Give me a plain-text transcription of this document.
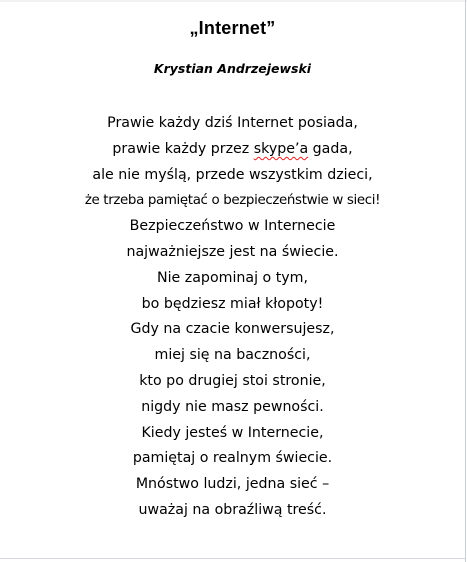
„Internet”
Krystian Andrzejewski
Prawie każdy dziś Internet posiada,
prawie każdy przez skype’a gada,
ale nie myślą, przede wszystkim dzieci,
że trzeba pamiętać o bezpieczeństwie w sieci!
Bezpieczeństwo w Internecie
najważniejsze jest na świecie.
Nie zapominaj o tym,
bo będziesz miał kłopoty!
Gdy na czacie konwersujesz,
miej się na baczności,
kto po drugiej stoi stronie,
nigdy nie masz pewności.
Kiedy jesteś w Internecie,
pamiętaj o realnym świecie.
Mnóstwo ludzi, jedna sieć –
uważaj na obraźliwą treść.
